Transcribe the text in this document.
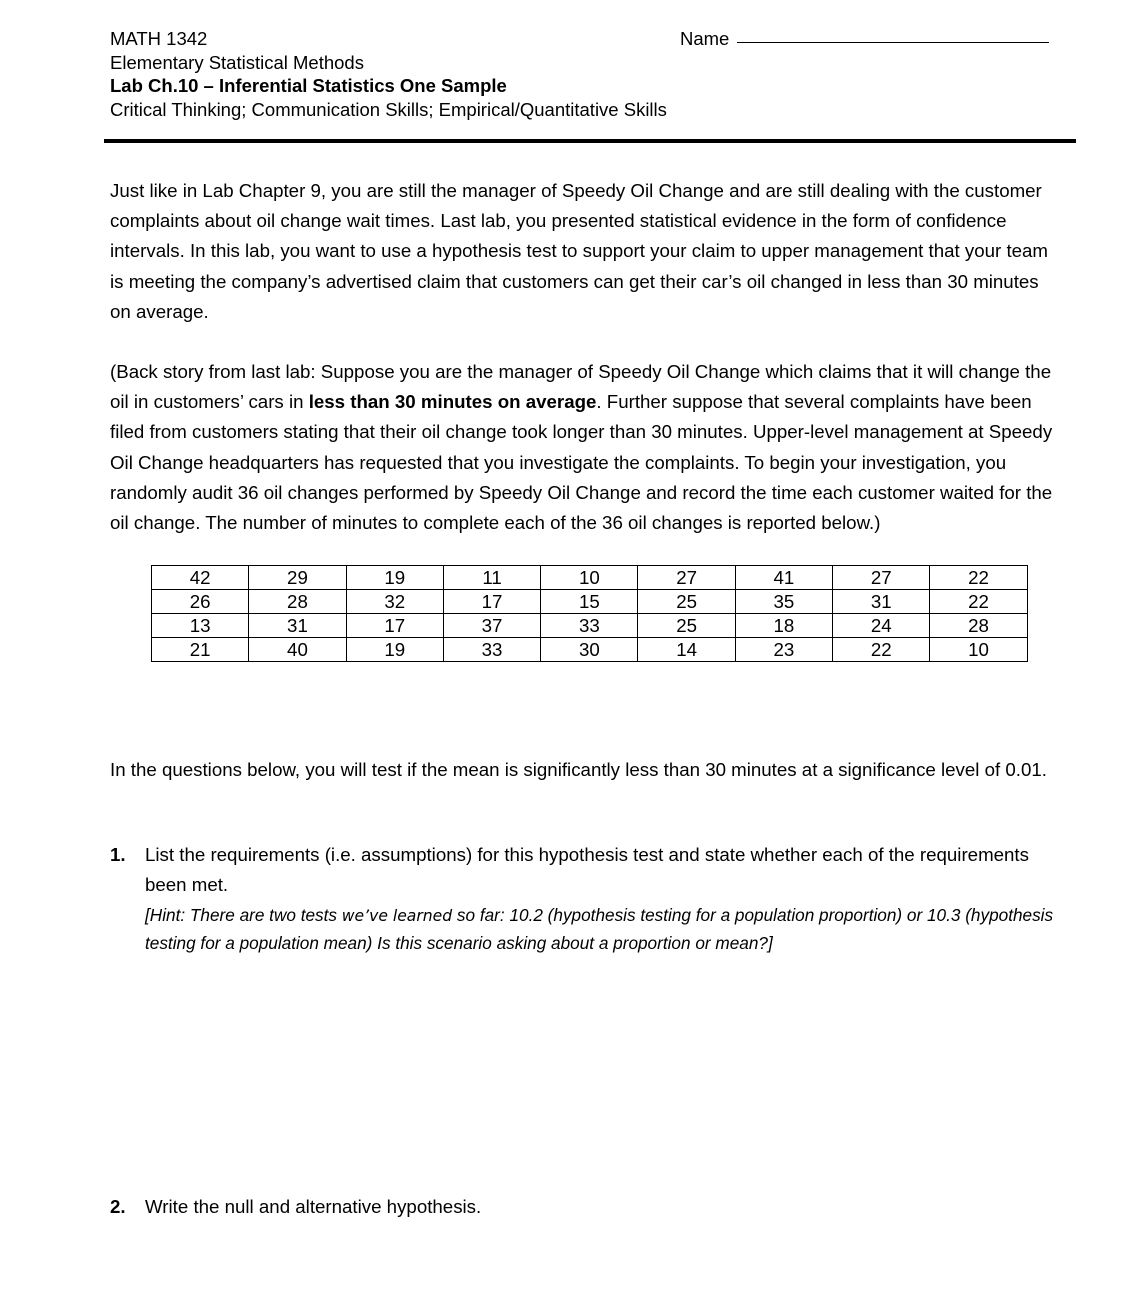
MATH 1342
Elementary Statistical Methods
Lab Ch.10 – Inferential Statistics One Sample
Critical Thinking; Communication Skills; Empirical/Quantitative Skills
Name

Just like in Lab Chapter 9, you are still the manager of Speedy Oil Change and are still dealing with the customer complaints about oil change wait times. Last lab, you presented statistical evidence in the form of confidence intervals. In this lab, you want to use a hypothesis test to support your claim to upper management that your team is meeting the company’s advertised claim that customers can get their car’s oil changed in less than 30 minutes on average.

(Back story from last lab: Suppose you are the manager of Speedy Oil Change which claims that it will change the oil in customers’ cars in less than 30 minutes on average. Further suppose that several complaints have been filed from customers stating that their oil change took longer than 30 minutes. Upper-level management at Speedy Oil Change headquarters has requested that you investigate the complaints. To begin your investigation, you randomly audit 36 oil changes performed by Speedy Oil Change and record the time each customer waited for the oil change. The number of minutes to complete each of the 36 oil changes is reported below.)

42	29	19	11	10	27	41	27	22
26	28	32	17	15	25	35	31	22
13	31	17	37	33	25	18	24	28
21	40	19	33	30	14	23	22	10

In the questions below, you will test if the mean is significantly less than 30 minutes at a significance level of 0.01.

1. List the requirements (i.e. assumptions) for this hypothesis test and state whether each of the requirements been met.
[Hint: There are two tests we’ve learned so far: 10.2 (hypothesis testing for a population proportion) or 10.3 (hypothesis testing for a population mean) Is this scenario asking about a proportion or mean?]
2. Write the null and alternative hypothesis.
